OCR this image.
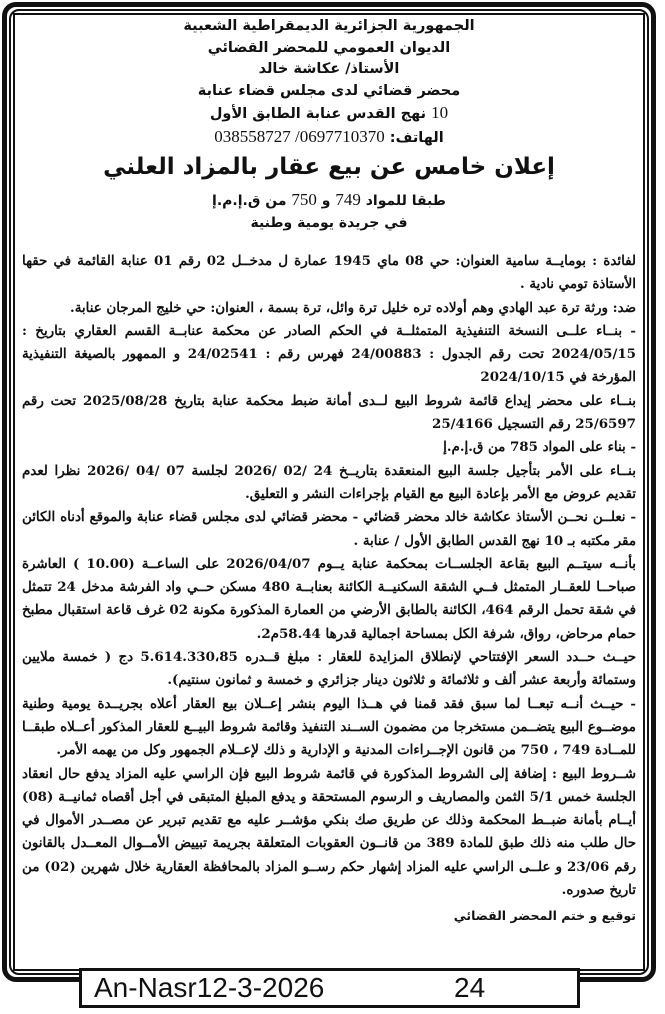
الجمهورية الجزائرية الديمقراطية الشعبية
الديوان العمومي للمحضر القضائي
الأستاذ/ عكاشة خالد
محضر قضائي لدى مجلس قضاء عنابة
10 نهج القدس عنابة الطابق الأول
الهاتف: 0697710370/ 038558727
إعلان خامس عن بيع عقار بالمزاد العلني
طبقا للمواد 749 و 750 من ق.إ.م.إ
في جريدة يومية وطنية

لفائدة : بومايــة سامية العنوان: حي 08 ماي 1945 عمارة ل مدخــل 02 رقم 01 عنابة القائمة في حقها الأستاذة تومي نادية .

ضد: ورثة ترة عبد الهادي وهم أولاده تره خليل ترة وائل، ترة بسمة ، العنوان: حي خليج المرجان عنابة.

- بنــاء علــى النسخة التنفيذية المتمثلــة في الحكم الصادر عن محكمة عنابــة القسم العقاري بتاريخ : 2024/05/15 تحت رقم الجدول : 24/00883 فهرس رقم : 24/02541 و الممهور بالصيغة التنفيذية المؤرخة في 2024/10/15

بنــاء على محضر إيداع قائمة شروط البيع لــدى أمانة ضبط محكمة عنابة بتاريخ 2025/08/28 تحت رقم 25/6597 رقم التسجيل 25/4166

- بناء على المواد 785 من ق.إ.م.إ

بنــاء على الأمر بتأجيل جلسة البيع المنعقدة بتاريــخ 24 /02 /2026 لجلسة 07 /04 /2026 نظرا لعدم تقديم عروض مع الأمر بإعادة البيع مع القيام بإجراءات النشر و التعليق.

- نعلــن نحــن الأستاذ عكاشة خالد محضر قضائي - محضر قضائي لدى مجلس قضاء عنابة والموقع أدناه الكائن مقر مكتبه بـ 10 نهج القدس الطابق الأول / عنابة .

بأنــه سيتــم البيع بقاعة الجلســات بمحكمة عنابة يــوم 2026/04/07 على الساعــة (10.00 ) العاشرة صباحــا للعقــار المتمثل فــي الشقة السكنيــة الكائنة بعنابــة 480 مسكن حــي واد الفرشة مدخل 24 تتمثل في شقة تحمل الرقم 464، الكائنة بالطابق الأرضي من العمارة المذكورة مكونة 02 غرف قاعة استقبال مطبخ حمام مرحاض، رواق، شرفة الكل بمساحة اجمالية قدرها 58.44م2.

حيــث حــدد السعر الإفتتاحي لإنطلاق المزايدة للعقار : مبلغ قــدره 5.614.330،85 دج ( خمسة ملايين وستمائة وأربعة عشر ألف و ثلاثمائة و ثلاثون دينار جزائري و خمسة و ثمانون سنتيم).

- حيــث أنــه تبعــا لما سبق فقد قمنا في هــذا اليوم بنشر إعــلان بيع العقار أعلاه بجريــدة يومية وطنية موضــوع البيع يتضــمن مستخرجا من مضمون الســند التنفيذ وقائمة شروط البيــع للعقار المذكور أعــلاه طبقــا للمــادة 749 ، 750 من قانون الإجــراءات المدنية و الإدارية و ذلك لإعــلام الجمهور وكل من يهمه الأمر.

شــروط البيع : إضافة إلى الشروط المذكورة في قائمة شروط البيع فإن الراسي عليه المزاد يدفع حال انعقاد الجلسة خمس 5/1 الثمن والمصاريف و الرسوم المستحقة و يدفع المبلغ المتبقى في أجل أقصاه ثمانيــة (08) أيــام بأمانة ضبــط المحكمة وذلك عن طريق صك بنكي مؤشــر عليه مع تقديم تبرير عن مصــدر الأموال في حال طلب منه ذلك طبق للمادة 389 من قانــون العقوبات المتعلقة بجريمة تبييض الأمــوال المعــدل بالقانون رقم 23/06 و علــى الراسي عليه المزاد إشهار حكم رســو المزاد بالمحافظة العقارية خلال شهرين (02) من تاريخ صدوره.

توقيع و ختم المحضر القضائي
An-Nasr12-3-2026	24
